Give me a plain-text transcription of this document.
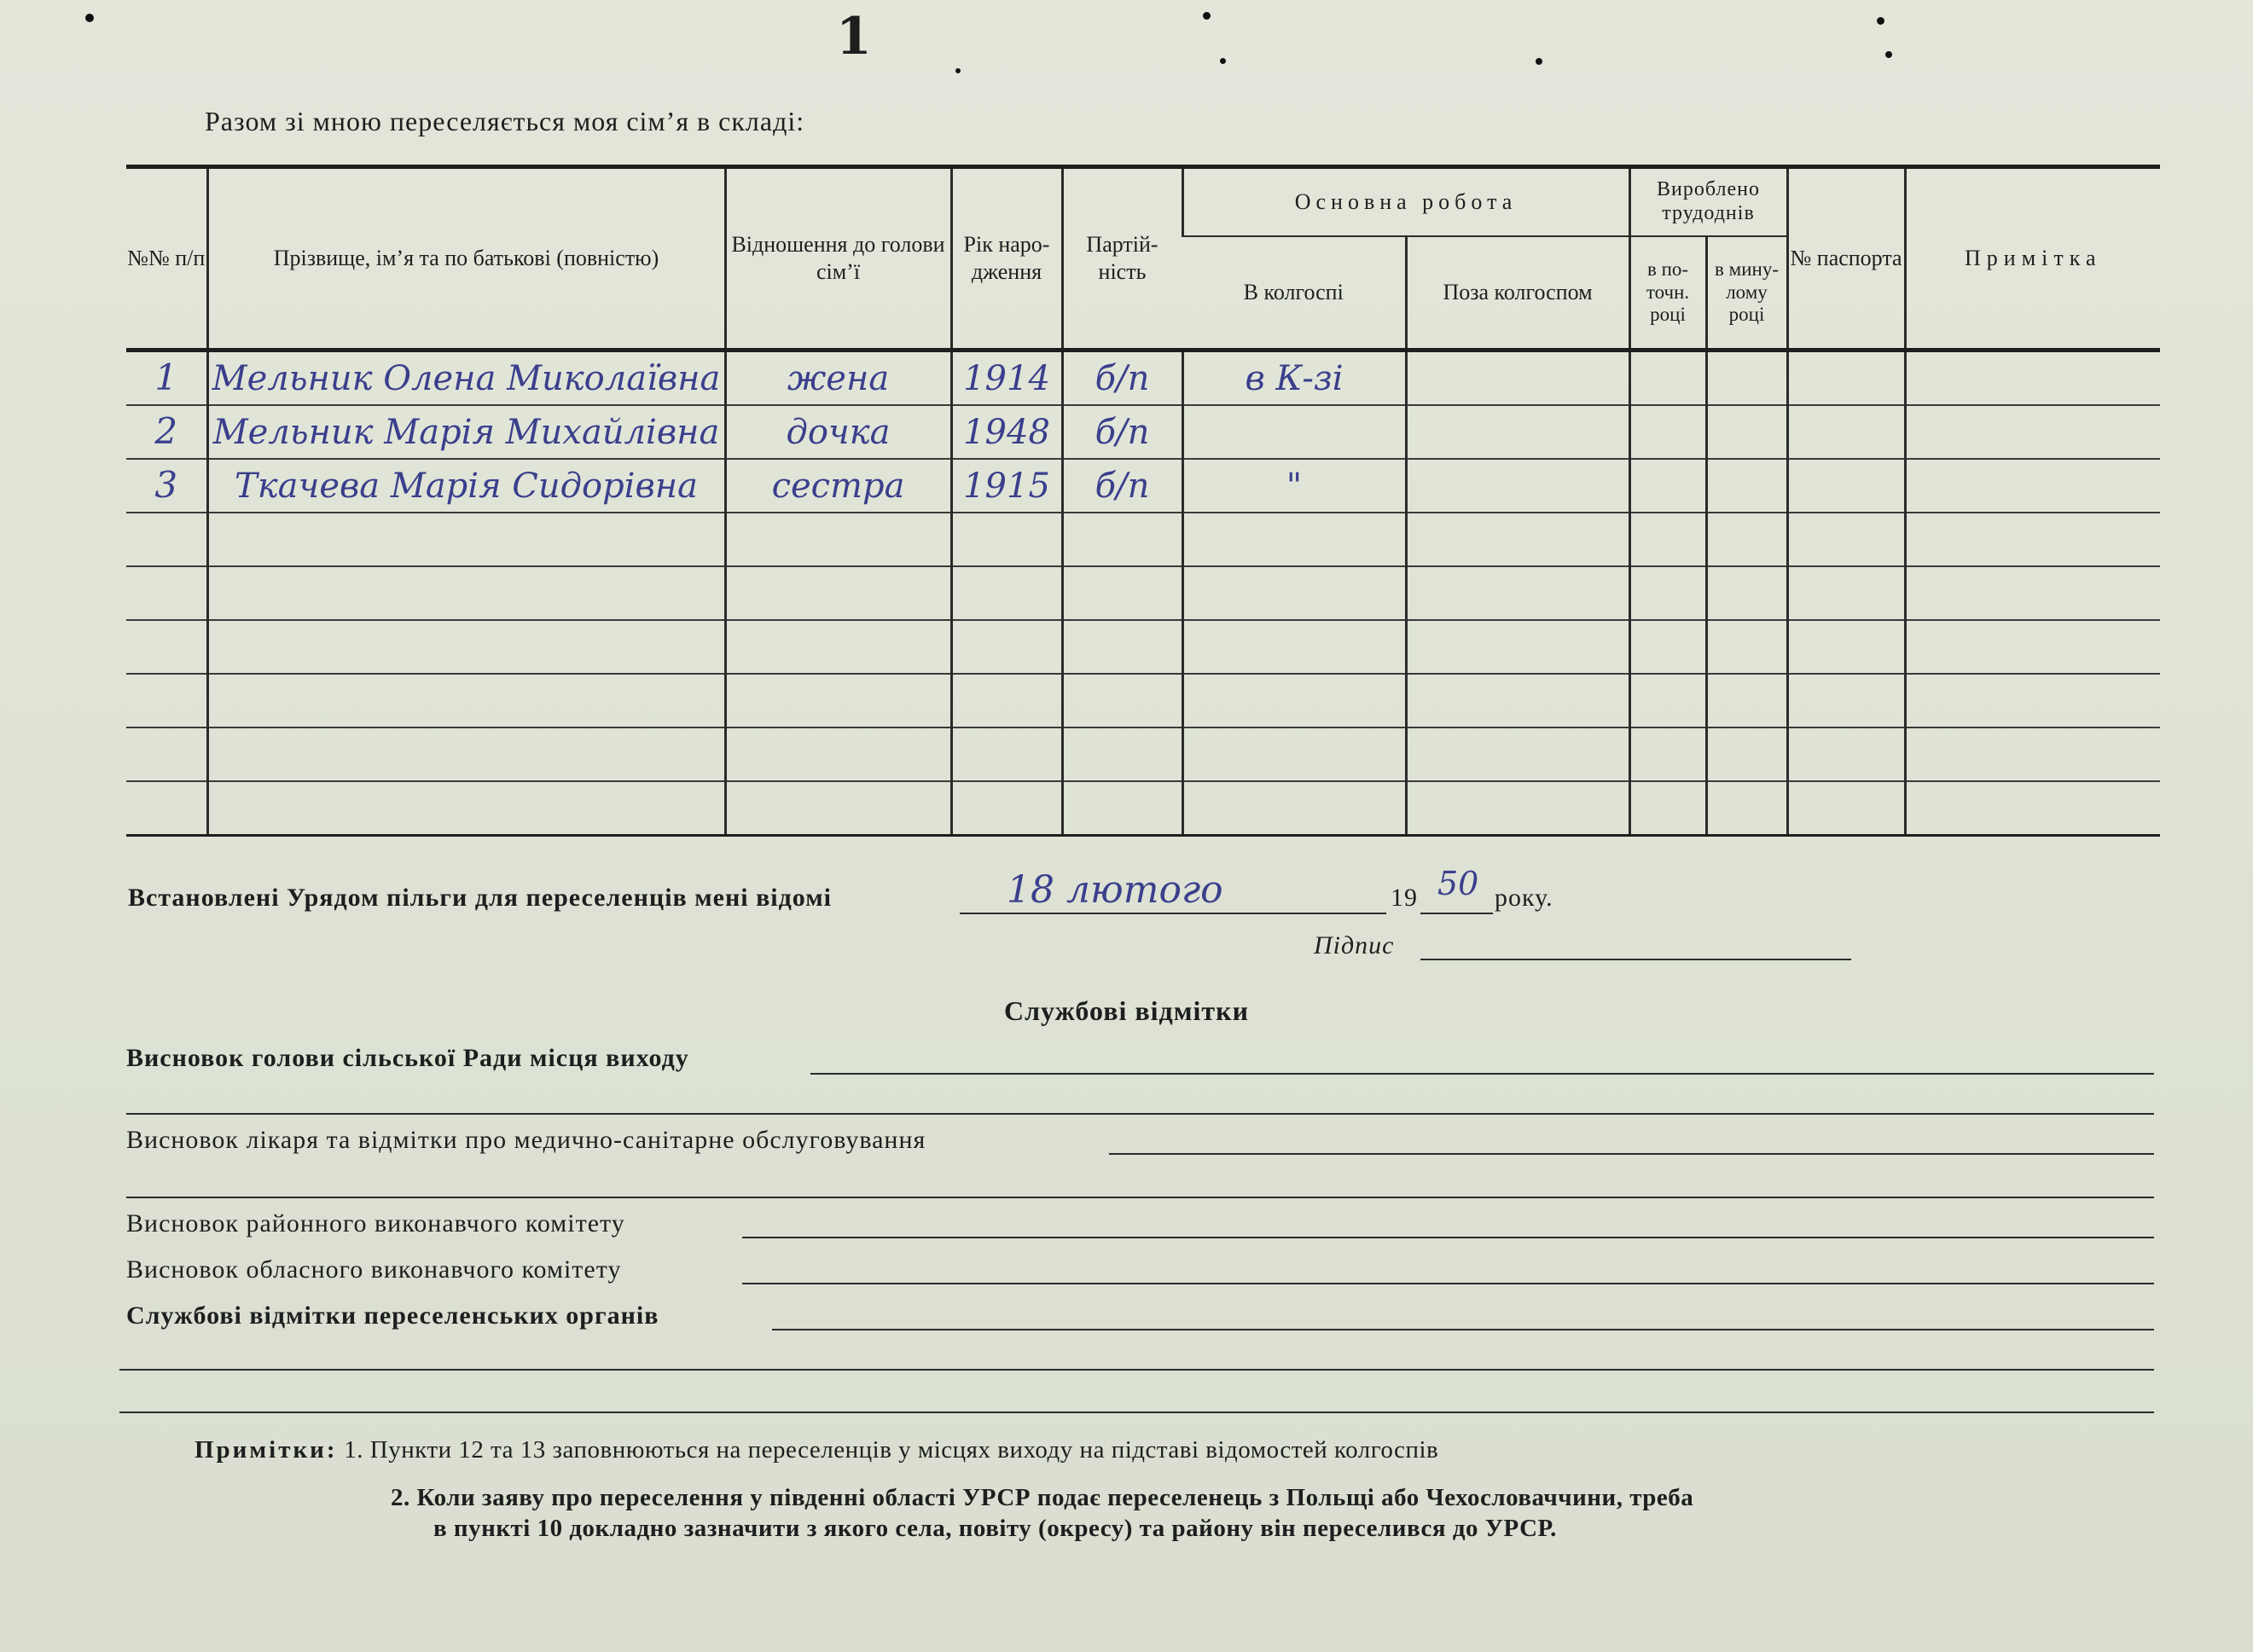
1
Разом зі мною переселяється моя сім’я в складі:
№№ п/п	Прізвище, ім’я та по батькові (повністю)	Відношення до голови сім’ї	Рік наро- дження	Партій- ність	Основна робота		Вироблено трудоднів		№ паспорта	Примітка
					В колгоспі	Поза колгоспом	в по- точн. році	в мину- лому році		
1	Мельник Олена Миколаївна	жена	1914	б/п	в К-зі					
2	Мельник Марія Михайлівна	дочка	1948	б/п						
3	Ткачева Марія Сидорівна	сестра	1915	б/п	"					

Встановлені Урядом пільги для переселенців мені відомі	18 лютого	19 50 року.
Підпис
Службові відмітки
Висновок голови сільської Ради місця виходу
Висновок лікаря та відмітки про медично-санітарне обслуговування
Висновок районного виконавчого комітету
Висновок обласного виконавчого комітету
Службові відмітки переселенських органів
Примітки: 1. Пункти 12 та 13 заповнюються на переселенців у місцях виходу на підставі відомостей колгоспів
2. Коли заяву про переселення у південні області УРСР подає переселенець з Польщі або Чехословаччини, треба
в пункті 10 докладно зазначити з якого села, повіту (окресу) та району він переселився до УРСР.
